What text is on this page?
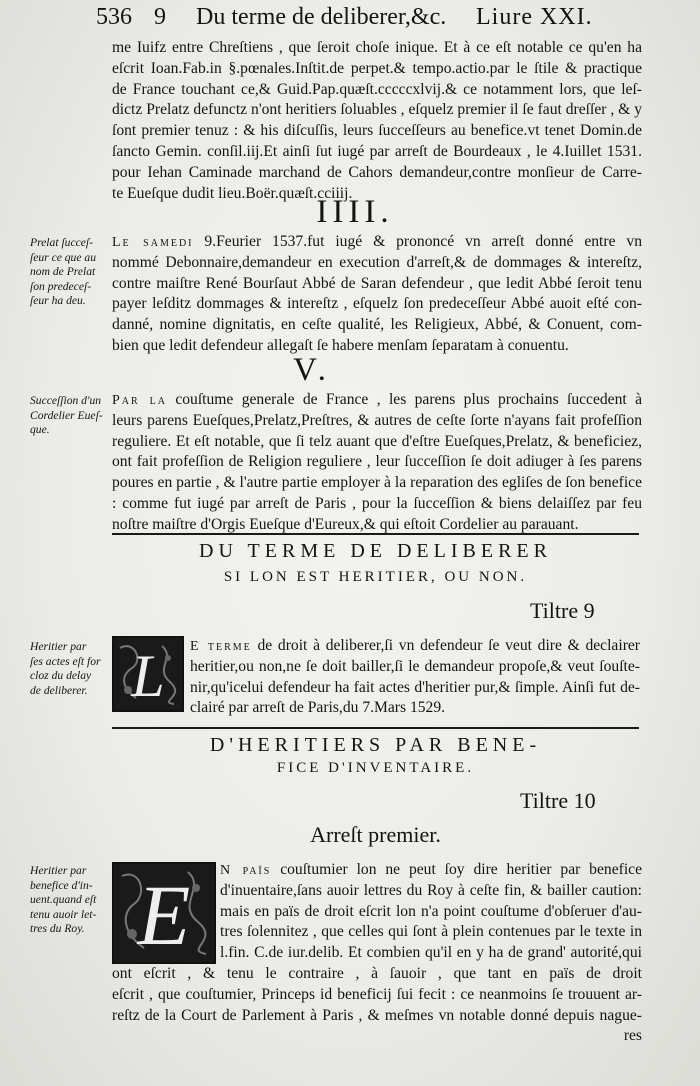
536 9 Du terme de deliberer,&c. Liure XXI.
me Iuifz entre Chreſtiens , que ſeroit choſe inique. Et à ce eſt notable ce qu'en ha
eſcrit Ioan.Fab.in §.pœnales.Inſtit.de perpet.& tempo.actio.par le ſtile & practique
de France touchant ce,& Guid.Pap.quæſt.cccccxlvij.& ce notamment lors, que leſ-
dictz Prelatz defunctz n'ont heritiers ſoluables , eſquelz premier il ſe faut dreſſer , & y
ſont premier tenuz : & his diſcuſſis, leurs ſucceſſeurs au benefice.vt tenet Domin.de
ſancto Gemin. conſil.iij.Et ainſi ſut iugé par arreſt de Bourdeaux , le 4.Iuillet 1531.
pour Iehan Caminade marchand de Cahors demandeur,contre monſieur de Carre-
te Eueſque dudit lieu.Boër.quæſt.cciiij.
IIII.
Prelat ſucceſ-
ſeur ce que au
nom de Prelat
ſon predeceſ-
ſeur ha deu.
Le ſamedi 9.Feurier 1537.fut iugé & prononcé vn arreſt donné entre vn
nommé Debonnaire,demandeur en execution d'arreſt,& de dommages & intereſtz,
contre maiſtre René Bourſaut Abbé de Saran defendeur , que ledit Abbé ſeroit tenu
payer leſditz dommages & intereſtz , eſquelz ſon predeceſſeur Abbé auoit eſté con-
danné, nomine dignitatis, en ceſte qualité, les Religieux, Abbé, & Conuent, com-
bien que ledit defendeur allegaſt ſe habere menſam ſeparatam à conuentu.
V.
Succeſſion d'un
Cordelier Eueſ-
que.
Par la couſtume generale de France , les parens plus prochains ſuccedent à
leurs parens Eueſques,Prelatz,Preſtres, & autres de ceſte ſorte n'ayans fait profeſſion
reguliere. Et eſt notable, que ſi telz auant que d'eſtre Eueſques,Prelatz, & beneficiez,
ont fait profeſſion de Religion reguliere , leur ſucceſſion ſe doit adiuger à ſes parens
poures en partie , & l'autre partie employer à la reparation des egliſes de ſon benefice
: comme fut iugé par arreſt de Paris , pour la ſucceſſion & biens delaiſſez par feu
noſtre maiſtre d'Orgis Eueſque d'Eureux,& qui eſtoit Cordelier au parauant.
DU TERME DE DELIBERER
SI LON EST HERITIER, OU NON.
Tiltre 9
Heritier par
ſes actes eſt for
cloz du delay
de deliberer. L	E terme de droit à deliberer,ſi vn defendeur ſe veut dire & declairer
heritier,ou non,ne ſe doit bailler,ſi le demandeur propoſe,& veut ſouſte-
nir,qu'icelui defendeur ha fait actes d'heritier pur,& ſimple. Ainſi fut de-
clairé par arreſt de Paris,du 7.Mars 1529.
D'HERITIERS PAR BENE-
FICE D'INVENTAIRE.
Tiltre 10
Arreſt premier.
Heritier par
benefice d'in-
uent.quand eſt
tenu auoir let-
tres du Roy. E	N païs couſtumier lon ne peut ſoy dire heritier par benefice
d'inuentaire,ſans auoir lettres du Roy à ceſte fin, & bailler caution:
mais en païs de droit eſcrit lon n'a point couſtume d'obſeruer d'au-
tres ſolennitez , que celles qui ſont à plein contenues par le texte in
l.fin. C.de iur.delib. Et combien qu'il en y ha de grand' autorité,qui
ont eſcrit , & tenu le contraire , à ſauoir , que tant en païs de droit
eſcrit , que couſtumier, Princeps id beneficij ſui fecit : ce neanmoins ſe trouuent ar-
reſtz de la Court de Parlement à Paris , & meſmes vn notable donné depuis nague-
res
